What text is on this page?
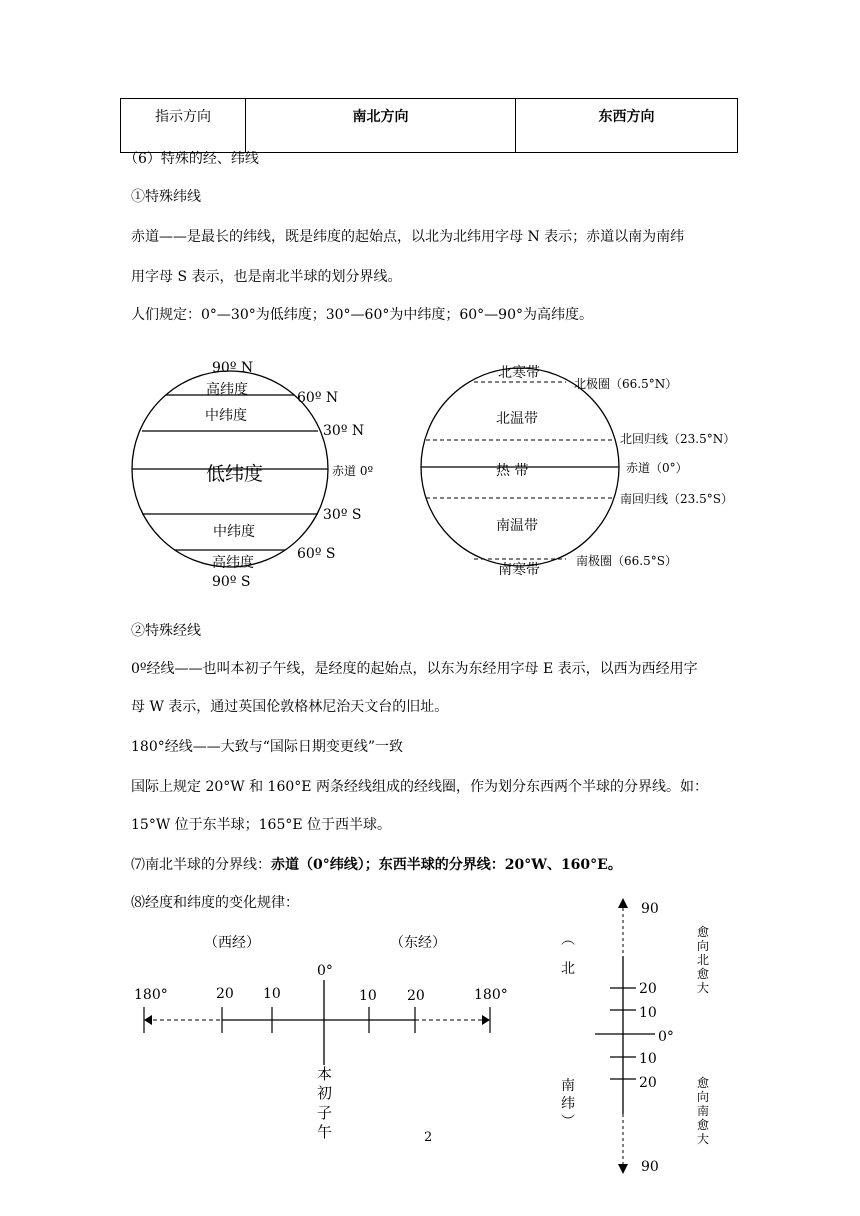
指示方向	南北方向	东西方向
（6）特殊的经、纬线
①特殊纬线
赤道——是最长的纬线，既是纬度的起始点，以北为北纬用字母 N 表示；赤道以南为南纬
用字母 S 表示，也是南北半球的划分界线。
人们规定：0°—30°为低纬度；30°—60°为中纬度；60°—90°为高纬度。
90º N
高纬度	60º N
中纬度
30º N
低纬度	赤道 0º
30º S
中纬度
60º S
高纬度
90º S
北寒带
北极圈（66.5°N）
北温带
北回归线（23.5°N）
热 带	赤道（0°）
南回归线（23.5°S）
南温带
南极圈（66.5°S）
南寒带
②特殊经线
0º经线——也叫本初子午线，是经度的起始点，以东为东经用字母 E 表示，以西为西经用字
母 W 表示，通过英国伦敦格林尼治天文台的旧址。
180°经线——大致与“国际日期变更线”一致
国际上规定 20°W 和 160°E 两条经线组成的经线圈，作为划分东西两个半球的分界线。如：
15°W 位于东半球；165°E 位于西半球。
⑺南北半球的分界线：赤道（0°纬线）；东西半球的分界线：20°W、160°E。
⑻经度和纬度的变化规律：
（西经）	（东经）
0°
180°	20 10	10 20	180°
本
初
子
午	2
90
20
10
0°
10
20
90
︵
北
南
纬
︶
愈
向
北
愈
大
愈
向
南
愈
大
